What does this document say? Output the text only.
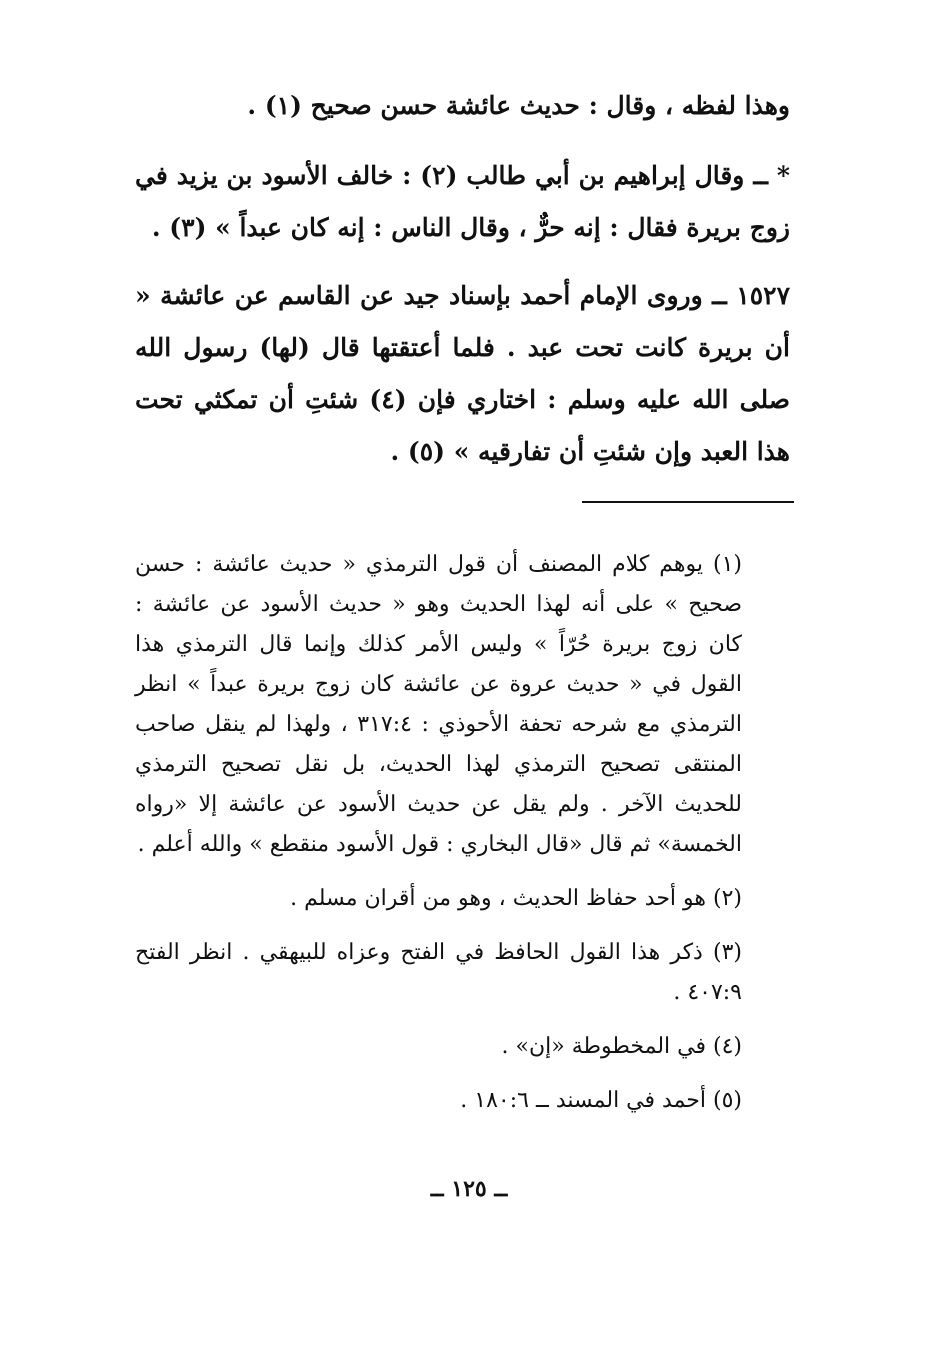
وهذا لفظه ، وقال : حديث عائشة حسن صحيح (١) .

* ــ وقال إبراهيم بن أبي طالب (٢) : خالف الأسود بن يزيد في زوج بريرة فقال : إنه حرٌّ ، وقال الناس : إنه كان عبداً » (٣) .

١٥٢٧ ــ وروى الإمام أحمد بإسناد جيد عن القاسم عن عائشة « أن بريرة كانت تحت عبد . فلما أعتقتها قال (لها) رسول الله صلى الله عليه وسلم : اختاري فإن (٤) شئتِ أن تمكثي تحت هذا العبد وإن شئتِ أن تفارقيه » (٥) .

(١) يوهم كلام المصنف أن قول الترمذي « حديث عائشة : حسن صحيح » على أنه لهذا الحديث وهو « حديث الأسود عن عائشة : كان زوج بريرة حُرّاً » وليس الأمر كذلك وإنما قال الترمذي هذا القول في « حديث عروة عن عائشة كان زوج بريرة عبداً » انظر الترمذي مع شرحه تحفة الأحوذي : ٣١٧:٤ ، ولهذا لم ينقل صاحب المنتقى تصحيح الترمذي لهذا الحديث، بل نقل تصحيح الترمذي للحديث الآخر . ولم يقل عن حديث الأسود عن عائشة إلا «رواه الخمسة» ثم قال «قال البخاري : قول الأسود منقطع » والله أعلم .

(٢) هو أحد حفاظ الحديث ، وهو من أقران مسلم .

(٣) ذكر هذا القول الحافظ في الفتح وعزاه للبيهقي . انظر الفتح ٤٠٧:٩ .

(٤) في المخطوطة «إن» .

(٥) أحمد في المسند ــ ١٨٠:٦ .

ــ ١٢٥ ــ
